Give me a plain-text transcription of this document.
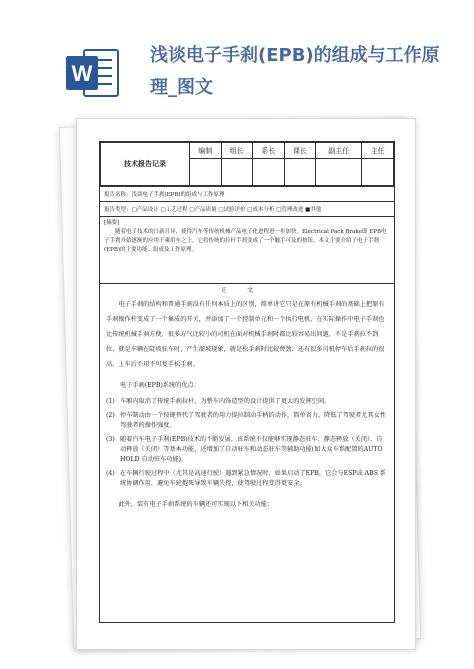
W
浅谈电子手刹(EPB)的组成与工作原理_图文
技术报告记录	编制	组长	系长	课长	副主任	主任

报告名称：浅谈电子手刹(EPB)的组成与工作原理
报告类型：□产品设计 □工艺过程 □产品质量 □试验评价 □成本分析 □管理改进 ■其他

[摘要]

随着电子技术的日新月异，使得汽车等传统机械产品电子化进程进一步加快。Electrical Pack Brake即 EPB电子手刹开始逐渐的应用于乘用车之上，它将传统的拉杆手刹变成了一个触手可及的按钮。本文主要介绍了电子手刹(EPB)的主要功能、组成及工作原理。

正文

电子手刹的结构和普通手刹没有任何本质上的区别，简单讲它只是在原有机械手刹的基础上把原有手刹操作杆变成了一个集成的开关，并添加了一个控制单元和一个执行电机，在实际操作中电子手刹也比传统机械手刹方便，很多方气比较小的司机在面对机械手刹时都比较容易出问题，不是手刹拉不到位，就是车辆在陡坡驻车时，产生溜坡现象，就是松手刹时比较费劲，还有很多司机停车后手刹拉的很高，上车后不用不可复手松手刹。

电子手刹(EPB)系统的优点：

(1) 车厢内取消了传统手刹拉杆，为整车内饰造型的设计提供了更大的发挥空间。
(2) 停车制动由一个按键替代了驾驶者的用力提拉制动手柄的动作，简单省力，降低了驾驶者尤其女性驾驶者的操作强度。
(3) 随着汽车电子手刹(EPB)技术的不断发展，该系统不仅能够实现静态驻车、静态释放（关闭）、自动释放（关闭）等基本功能，还增加了自动驻车和动态驻车等辅助功能(如大众车系配置的AUTO HOLD 自动驻车功能)。
(4) 在车辆行驶过程中（尤其是高速行驶）遇到紧急情况时，如果启动了EPB，它会与ESP或 ABS 系统协调作用，避免车轮抱死导致车辆失控，使驾驶过程变得更安全。

此外，装有电子手刹系统的车辆还可实现以下相关功能：
